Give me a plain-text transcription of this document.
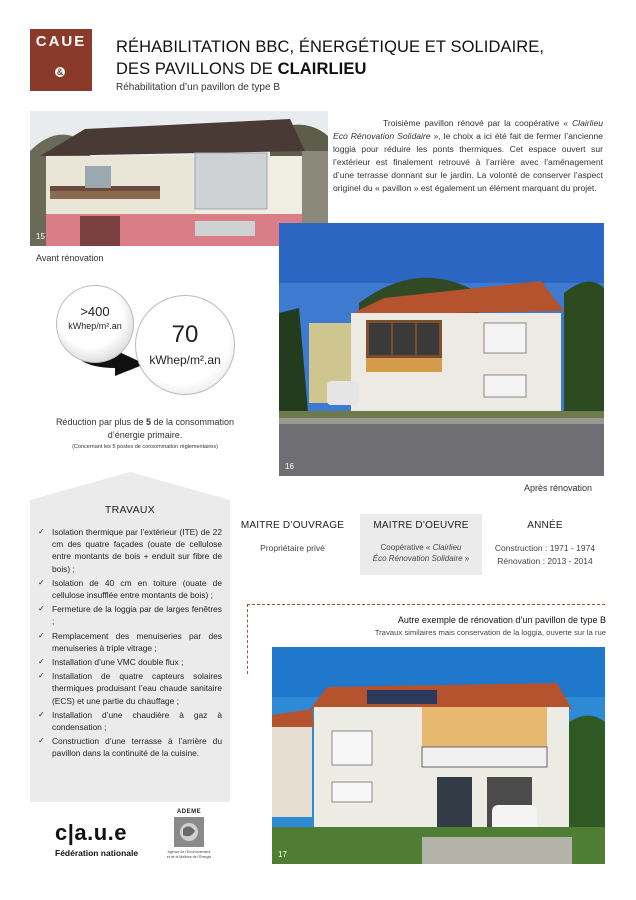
CAUE
&
RÉHABILITATION BBC, ÉNERGÉTIQUE ET SOLIDAIRE,
DES PAVILLONS DE CLAIRLIEU
Réhabilitation d’un pavillon de type B
15
Avant rénovation
Troisième pavillon rénové par la coopérative « Clairlieu Eco Rénovation Solidaire », le choix a ici été fait de fermer l’ancienne loggia pour réduire les ponts thermiques. Cet espace ouvert sur l’extérieur est finalement retrouvé à l’arrière avec l’aménagement d’une terrasse donnant sur le jardin. La volonté de conserver l’aspect originel du « pavillon » est également un élément marquant du projet.
16
Après rénovation
>400
kWhep/m².an	70
kWhep/m².an
Réduction par plus de 5 de la consommation d’énergie primaire.
(Concernant les 5 postes de consommation réglementaires)
TRAVAUX
✓ Isolation thermique par l’extérieur (ITE) de 22 cm des quatre façades (ouate de cellulose entre montants de bois + enduit sur fibre de bois) ;
✓ Isolation de 40 cm en toiture (ouate de cellulose insufflée entre montants de bois) ;
✓ Fermeture de la loggia par de larges fenêtres ;
✓ Remplacement des menuiseries par des menuiseries à triple vitrage ;
✓ Installation d’une VMC double flux ;
✓ Installation de quatre capteurs solaires thermiques produisant l’eau chaude sanitaire (ECS) et une partie du chauffage ;
✓ Installation d’une chaudière à gaz à condensation ;
✓ Construction d’une terrasse à l’arrière du pavillon dans la continuité de la cuisine.
MAITRE D’OUVRAGE
Propriétaire privé
MAITRE D’OEUVRE
Coopérative « Clairlieu
Éco Rénovation Solidaire »
ANNÉE
Construction : 1971 - 1974
Rénovation : 2013 - 2014
Autre exemple de rénovation d’un pavillon de type B
Travaux similaires mais conservation de la loggia, ouverte sur la rue
17
c|a.u.e
Fédération nationale
ADEME
Agence de l’Environnement et de la Maîtrise de l’Énergie
